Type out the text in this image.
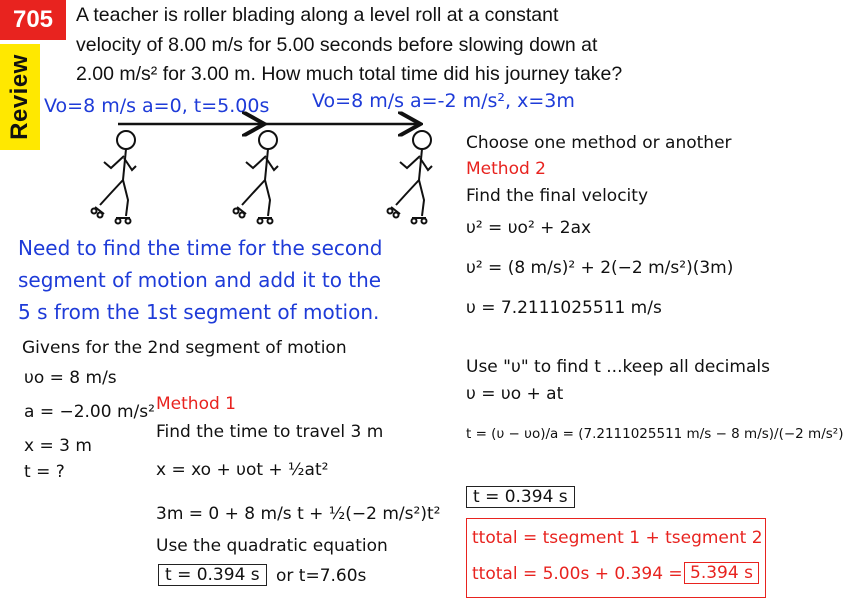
705
Review
A teacher is roller blading along a level roll at a constant
velocity of 8.00 m/s for 5.00 seconds before slowing down at
2.00 m/s² for 3.00 m. How much total time did his journey take?
Vo=8 m/s a=0, t=5.00s Vo=8 m/s a=-2 m/s², x=3m
Need to find the time for the second
segment of motion and add it to the
5 s from the 1st segment of motion.
Givens for the 2nd segment of motion
υo = 8 m/s
a = −2.00 m/s²
x = 3 m
t = ?
Method 1
Find the time to travel 3 m
x = xo + υot + ½at²
3m = 0 + 8 m/s t + ½(−2 m/s²)t²
Use the quadratic equation
t = 0.394 s or t=7.60s
Choose one method or another
Method 2
Find the final velocity
υ² = υo² + 2ax
υ² = (8 m/s)² + 2(−2 m/s²)(3m)
υ = 7.2111025511 m/s
Use "υ" to find t ...keep all decimals
υ = υo + at
t = (υ − υo)/a = (7.2111025511 m/s − 8 m/s)/(−2 m/s²)
t = 0.394 s
ttotal = tsegment 1 + tsegment 2
ttotal = 5.00s + 0.394 = 5.394 s
